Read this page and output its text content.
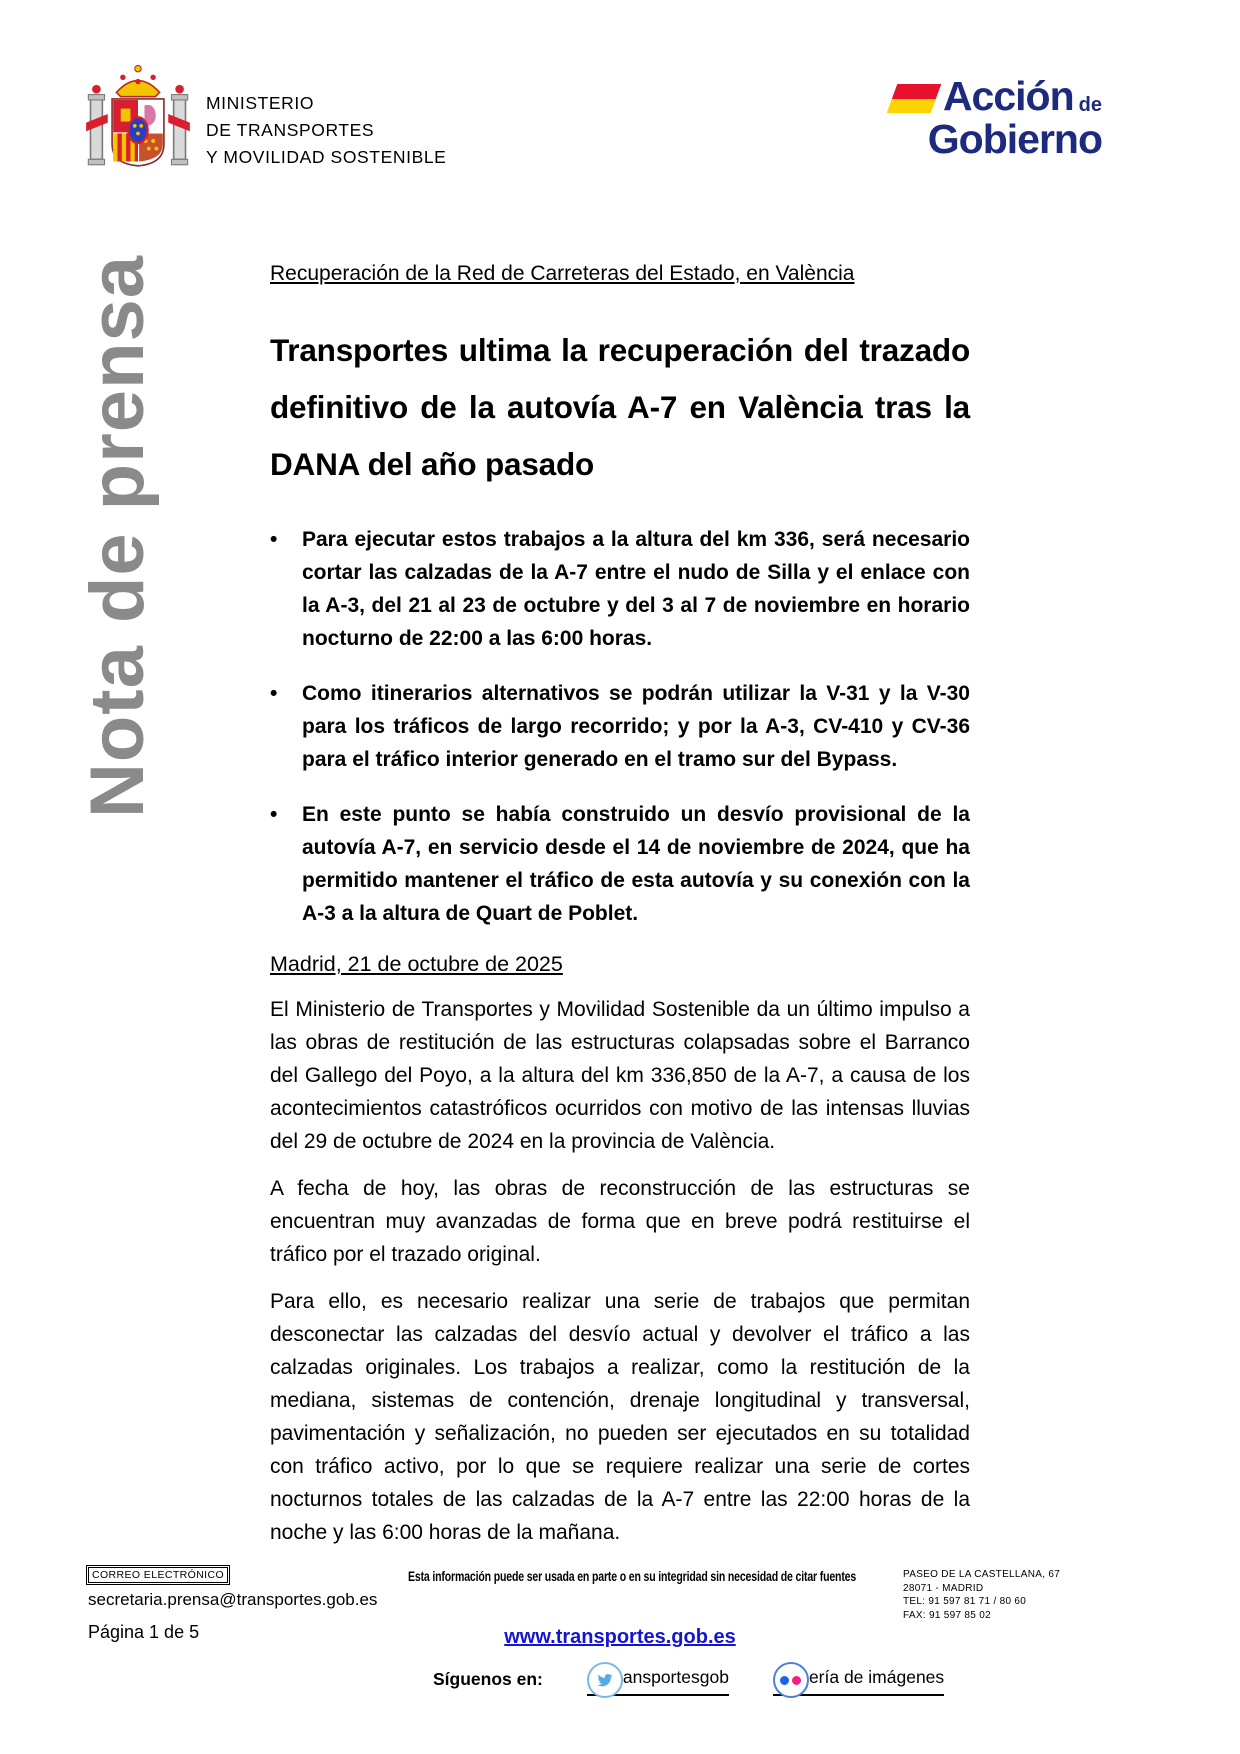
MINISTERIO
DE TRANSPORTES
Y MOVILIDAD SOSTENIBLE
Acción de
Gobierno
Nota de prensa	Recuperación de la Red de Carreteras del Estado, en València
Transportes ultima la recuperación del trazado definitivo de la autovía A-7 en València tras la DANA del año pasado
•	Para ejecutar estos trabajos a la altura del km 336, será necesario cortar las calzadas de la A-7 entre el nudo de Silla y el enlace con la A-3, del 21 al 23 de octubre y del 3 al 7 de noviembre en horario nocturno de 22:00 a las 6:00 horas.

•	Como itinerarios alternativos se podrán utilizar la V-31 y la V-30 para los tráficos de largo recorrido; y por la A-3, CV-410 y CV-36 para el tráfico interior generado en el tramo sur del Bypass.

•	En este punto se había construido un desvío provisional de la autovía A-7, en servicio desde el 14 de noviembre de 2024, que ha permitido mantener el tráfico de esta autovía y su conexión con la A-3 a la altura de Quart de Poblet.

Madrid, 21 de octubre de 2025

El Ministerio de Transportes y Movilidad Sostenible da un último impulso a las obras de restitución de las estructuras colapsadas sobre el Barranco del Gallego del Poyo, a la altura del km 336,850 de la A-7, a causa de los acontecimientos catastróficos ocurridos con motivo de las intensas lluvias del 29 de octubre de 2024 en la provincia de València.

A fecha de hoy, las obras de reconstrucción de las estructuras se encuentran muy avanzadas de forma que en breve podrá restituirse el tráfico por el trazado original.

Para ello, es necesario realizar una serie de trabajos que permitan desconectar las calzadas del desvío actual y devolver el tráfico a las calzadas originales. Los trabajos a realizar, como la restitución de la mediana, sistemas de contención, drenaje longitudinal y transversal, pavimentación y señalización, no pueden ser ejecutados en su totalidad con tráfico activo, por lo que se requiere realizar una serie de cortes nocturnos totales de las calzadas de la A-7 entre las 22:00 horas de la noche y las 6:00 horas de la mañana.

CORREO ELECTRÓNICO
secretaria.prensa@transportes.gob.es
Página 1 de 5
Esta información puede ser usada en parte o en su integridad sin necesidad de citar fuentes
www.transportes.gob.es
PASEO DE LA CASTELLANA, 67
28071 - MADRID
TEL: 91 597 81 71 / 80 60
FAX: 91 597 85 02
Síguenos en:	ansportesgob	ería de imágenes
